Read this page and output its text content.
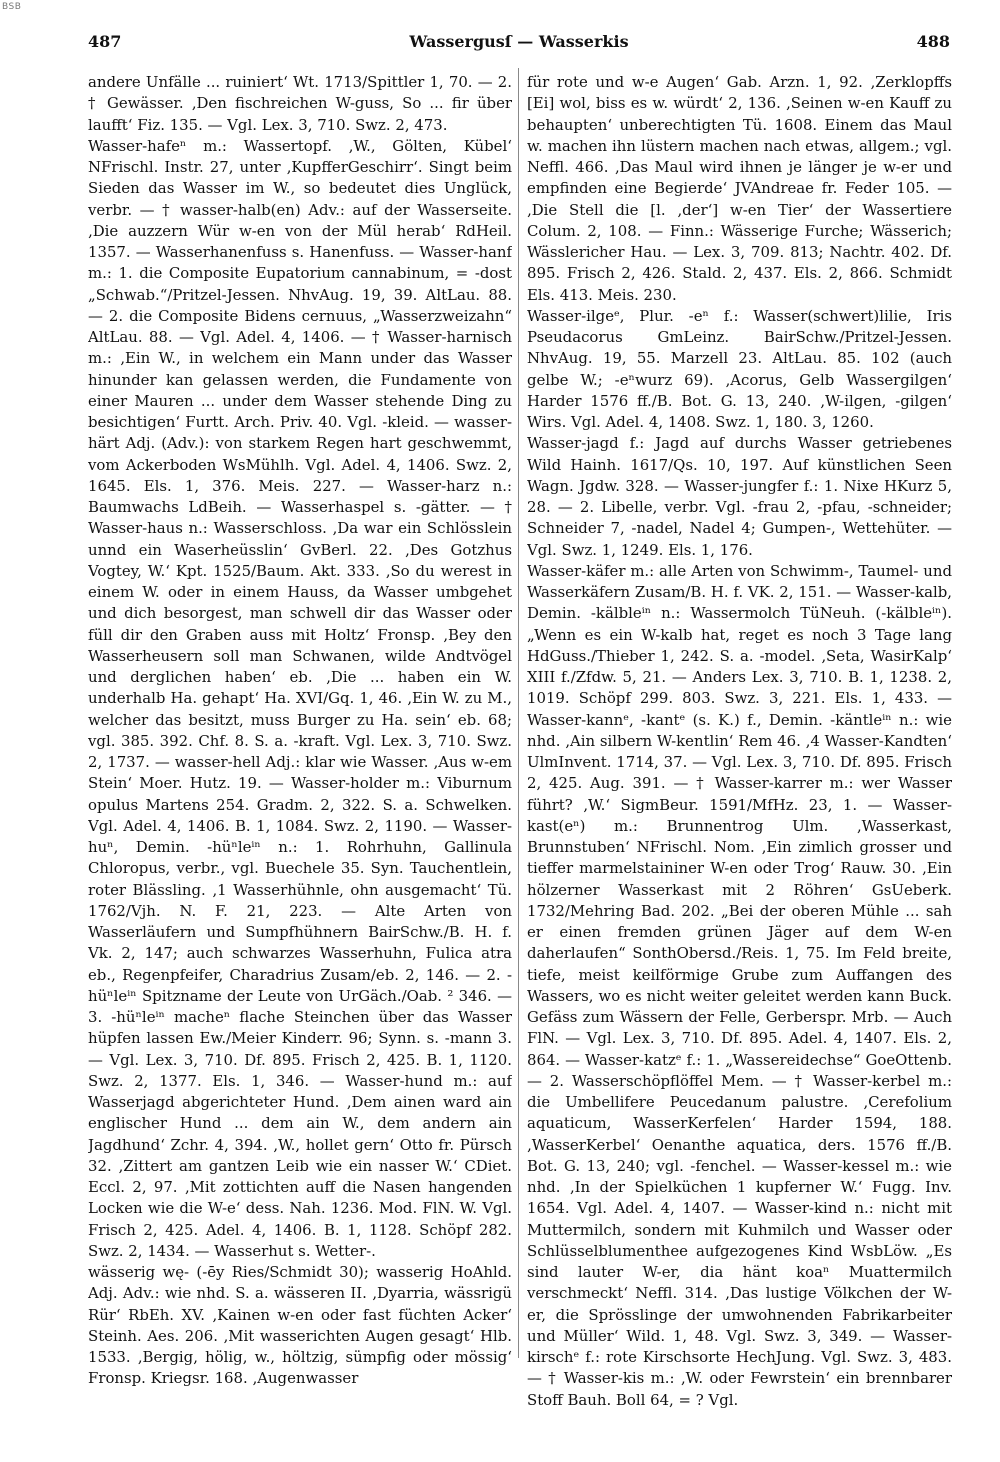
BSB
487	Wassergusſ — Wasserkis	488

andere Unfälle ... ruiniert‘ Wt. 1713/Spittler 1, 70. — 2. † Gewässer. ‚Den fischreichen W-guss, So ... fir über laufft‘ Fiz. 135. — Vgl. Lex. 3, 710. Swz. 2, 473.

Wasser-hafeⁿ m.: Wassertopf. ‚W., Gölten, Kübel‘ NFrischl. Instr. 27, unter ‚KupfferGeschirr‘. Singt beim Sieden das Wasser im W., so bedeutet dies Unglück, verbr. — † wasser-halb(en) Adv.: auf der Wasserseite. ‚Die auzzern Wür w-en von der Mül herab‘ RdHeil. 1357. — Wasserhanenfuss s. Hanenfuss. — Wasser-hanf m.: 1. die Composite Eupatorium cannabinum, = -dost „Schwab.“/Pritzel-Jessen. NhvAug. 19, 39. AltLau. 88. — 2. die Composite Bidens cernuus, „Wasserzweizahn“ AltLau. 88. — Vgl. Adel. 4, 1406. — † Wasser-harnisch m.: ‚Ein W., in welchem ein Mann under das Wasser hinunder kan gelassen werden, die Fundamente von einer Mauren ... under dem Wasser stehende Ding zu besichtigen‘ Furtt. Arch. Priv. 40. Vgl. -kleid. — wasser-härt Adj. (Adv.): von starkem Regen hart geschwemmt, vom Ackerboden WsMühlh. Vgl. Adel. 4, 1406. Swz. 2, 1645. Els. 1, 376. Meis. 227. — Wasser-harz n.: Baumwachs LdBeih. — Wasserhaspel s. -gätter. — † Wasser-haus n.: Wasserschloss. ‚Da war ein Schlösslein unnd ein Waserheüsslin‘ GvBerl. 22. ‚Des Gotzhus Vogtey, W.‘ Kpt. 1525/Baum. Akt. 333. ‚So du werest in einem W. oder in einem Hauss, da Wasser umbgehet und dich besorgest, man schwell dir das Wasser oder füll dir den Graben auss mit Holtz‘ Fronsp. ‚Bey den Wasserheusern soll man Schwanen, wilde Andtvögel und derglichen haben‘ eb. ‚Die ... haben ein W. underhalb Ha. gehapt‘ Ha. XVI/Gq. 1, 46. ‚Ein W. zu M., welcher das besitzt, muss Burger zu Ha. sein‘ eb. 68; vgl. 385. 392. Chf. 8. S. a. -kraft. Vgl. Lex. 3, 710. Swz. 2, 1737. — wasser-hell Adj.: klar wie Wasser. ‚Aus w-em Stein‘ Moer. Hutz. 19. — Wasser-holder m.: Viburnum opulus Martens 254. Gradm. 2, 322. S. a. Schwelken. Vgl. Adel. 4, 1406. B. 1, 1084. Swz. 2, 1190. — Wasser-huⁿ, Demin. -hüⁿleⁱⁿ n.: 1. Rohrhuhn, Gallinula Chloropus, verbr., vgl. Buechele 35. Syn. Tauchentlein, roter Blässling. ‚1 Wasserhühnle, ohn ausgemacht‘ Tü. 1762/Vjh. N. F. 21, 223. — Alte Arten von Wasserläufern und Sumpfhühnern BairSchw./B. H. f. Vk. 2, 147; auch schwarzes Wasserhuhn, Fulica atra eb., Regenpfeifer, Charadrius Zusam/eb. 2, 146. — 2. -hüⁿleⁱⁿ Spitzname der Leute von UrGäch./Oab. ² 346. — 3. -hüⁿleⁱⁿ macheⁿ flache Steinchen über das Wasser hüpfen lassen Ew./Meier Kinderr. 96; Synn. s. -mann 3. — Vgl. Lex. 3, 710. Df. 895. Frisch 2, 425. B. 1, 1120. Swz. 2, 1377. Els. 1, 346. — Wasser-hund m.: auf Wasserjagd abgerichteter Hund. ‚Dem ainen ward ain englischer Hund ... dem ain W., dem andern ain Jagdhund‘ Zchr. 4, 394. ‚W., hollet gern‘ Otto fr. Pürsch 32. ‚Zittert am gantzen Leib wie ein nasser W.‘ CDiet. Eccl. 2, 97. ‚Mit zottichten auff die Nasen hangenden Locken wie die W-e‘ dess. Nah. 1236. Mod. FlN. W. Vgl. Frisch 2, 425. Adel. 4, 1406. B. 1, 1128. Schöpf 282. Swz. 2, 1434. — Wasserhut s. Wetter-.

wässerig wę- (-ēy Ries/Schmidt 30); wasserig HoAhld. Adj. Adv.: wie nhd. S. a. wässeren II. ‚Dyarria, wässrigü Rür‘ RbEh. XV. ‚Kainen w-en oder fast füchten Acker‘ Steinh. Aes. 206. ‚Mit wasserichten Augen gesagt‘ Hlb. 1533. ‚Bergig, hölig, w., höltzig, sümpfig oder mössig‘ Fronsp. Kriegsr. 168. ‚Augenwasser

für rote und w-e Augen‘ Gab. Arzn. 1, 92. ‚Zerklopffs [Ei] wol, biss es w. würdt‘ 2, 136. ‚Seinen w-en Kauff zu behaupten‘ unberechtigten Tü. 1608. Einem das Maul w. machen ihn lüstern machen nach etwas, allgem.; vgl. Neffl. 466. ‚Das Maul wird ihnen je länger je w-er und empfinden eine Begierde‘ JVAndreae fr. Feder 105. — ‚Die Stell die [l. ‚der‘] w-en Tier‘ der Wassertiere Colum. 2, 108. — Finn.: Wässerige Furche; Wässerich; Wässlericher Hau. — Lex. 3, 709. 813; Nachtr. 402. Df. 895. Frisch 2, 426. Stald. 2, 437. Els. 2, 866. Schmidt Els. 413. Meis. 230.

Wasser-ilgeᵉ, Plur. -eⁿ f.: Wasser(schwert)lilie, Iris Pseudacorus GmLeinz. BairSchw./Pritzel-Jessen. NhvAug. 19, 55. Marzell 23. AltLau. 85. 102 (auch gelbe W.; -eⁿwurz 69). ‚Acorus, Gelb Wassergilgen‘ Harder 1576 ff./B. Bot. G. 13, 240. ‚W-ilgen, -gilgen‘ Wirs. Vgl. Adel. 4, 1408. Swz. 1, 180. 3, 1260.

Wasser-jagd f.: Jagd auf durchs Wasser getriebenes Wild Hainh. 1617/Qs. 10, 197. Auf künstlichen Seen Wagn. Jgdw. 328. — Wasser-jungfer f.: 1. Nixe HKurz 5, 28. — 2. Libelle, verbr. Vgl. -frau 2, -pfau, -schneider; Schneider 7, -nadel, Nadel 4; Gumpen-, Wettehüter. — Vgl. Swz. 1, 1249. Els. 1, 176.

Wasser-käfer m.: alle Arten von Schwimm-, Taumel- und Wasserkäfern Zusam/B. H. f. VK. 2, 151. — Wasser-kalb, Demin. -kälbleⁱⁿ n.: Wassermolch TüNeuh. (-kälbleⁱⁿ). „Wenn es ein W-kalb hat, reget es noch 3 Tage lang HdGuss./Thieber 1, 242. S. a. -model. ‚Seta, WasirKalp‘ XIII f./Zfdw. 5, 21. — Anders Lex. 3, 710. B. 1, 1238. 2, 1019. Schöpf 299. 803. Swz. 3, 221. Els. 1, 433. — Wasser-kannᵉ, -kantᵉ (s. K.) f., Demin. -käntleⁱⁿ n.: wie nhd. ‚Ain silbern W-kentlin‘ Rem 46. ‚4 Wasser-Kandten‘ UlmInvent. 1714, 37. — Vgl. Lex. 3, 710. Df. 895. Frisch 2, 425. Aug. 391. — † Wasser-karrer m.: wer Wasser führt? ‚W.‘ SigmBeur. 1591/MfHz. 23, 1. — Wasser-kast(eⁿ) m.: Brunnentrog Ulm. ‚Wasserkast, Brunnstuben‘ NFrischl. Nom. ‚Ein zimlich grosser und tieffer marmelstaininer W-en oder Trog‘ Rauw. 30. ‚Ein hölzerner Wasserkast mit 2 Röhren‘ GsUeberk. 1732/Mehring Bad. 202. „Bei der oberen Mühle ... sah er einen fremden grünen Jäger auf dem W-en daherlaufen“ SonthObersd./Reis. 1, 75. Im Feld breite, tiefe, meist keilförmige Grube zum Auffangen des Wassers, wo es nicht weiter geleitet werden kann Buck. Gefäss zum Wässern der Felle, Gerberspr. Mrb. — Auch FlN. — Vgl. Lex. 3, 710. Df. 895. Adel. 4, 1407. Els. 2, 864. — Wasser-katzᵉ f.: 1. „Wassereidechse“ GoeOttenb. — 2. Wasserschöpflöffel Mem. — † Wasser-kerbel m.: die Umbellifere Peucedanum palustre. ‚Cerefolium aquaticum, WasserKerfelen‘ Harder 1594, 188. ‚WasserKerbel‘ Oenanthe aquatica, ders. 1576 ff./B. Bot. G. 13, 240; vgl. -fenchel. — Wasser-kessel m.: wie nhd. ‚In der Spielküchen 1 kupferner W.‘ Fugg. Inv. 1654. Vgl. Adel. 4, 1407. — Wasser-kind n.: nicht mit Muttermilch, sondern mit Kuhmilch und Wasser oder Schlüsselblumenthee aufgezogenes Kind WsbLöw. „Es sind lauter W-er, dia hänt koaⁿ Muattermilch verschmeckt‘ Neffl. 314. ‚Das lustige Völkchen der W-er, die Sprösslinge der umwohnenden Fabrikarbeiter und Müller‘ Wild. 1, 48. Vgl. Swz. 3, 349. — Wasser-kirschᵉ f.: rote Kirschsorte HechJung. Vgl. Swz. 3, 483. — † Wasser-kis m.: ‚W. oder Fewrstein‘ ein brennbarer Stoff Bauh. Boll 64, = ? Vgl.
